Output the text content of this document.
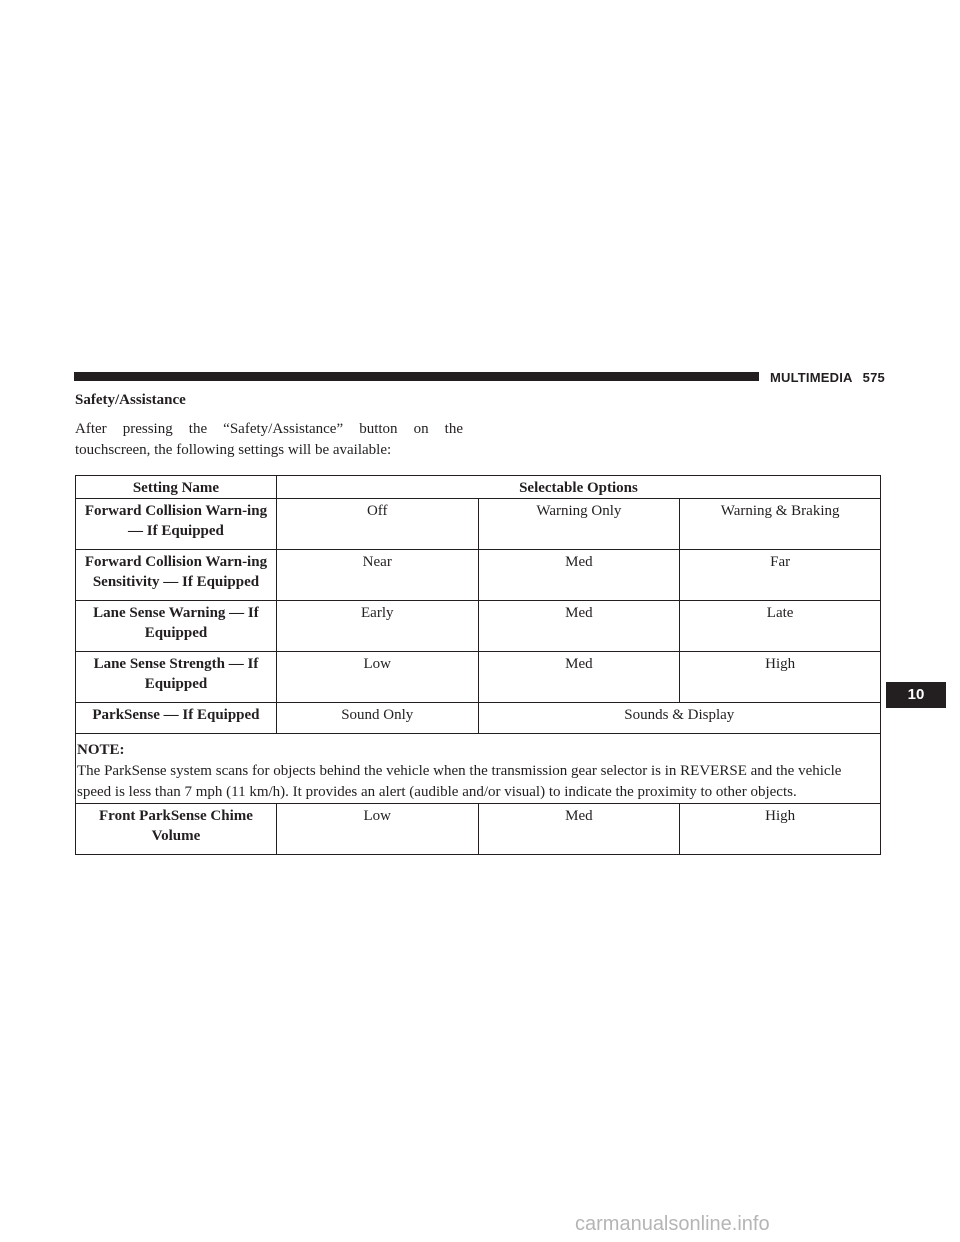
MULTIMEDIA 575
Safety/Assistance
After pressing the “Safety/Assistance” button on the
touchscreen, the following settings will be available:
Setting Name	Selectable Options		
Forward Collision Warn-ing — If Equipped	Off	Warning Only	Warning & Braking
Forward Collision Warn-ing Sensitivity — If Equipped	Near	Med	Far
Lane Sense Warning — If Equipped	Early	Med	Late
Lane Sense Strength — If Equipped	Low	Med	High
ParkSense — If Equipped	Sound Only	Sounds & Display	

NOTE:
The ParkSense system scans for objects behind the vehicle when the transmission gear selector is in REVERSE and the vehicle speed is less than 7 mph (11 km/h). It provides an alert (audible and/or visual) to indicate the proximity to other objects.			
Front ParkSense Chime Volume	Low	Med	High
10
carmanualsonline.info
